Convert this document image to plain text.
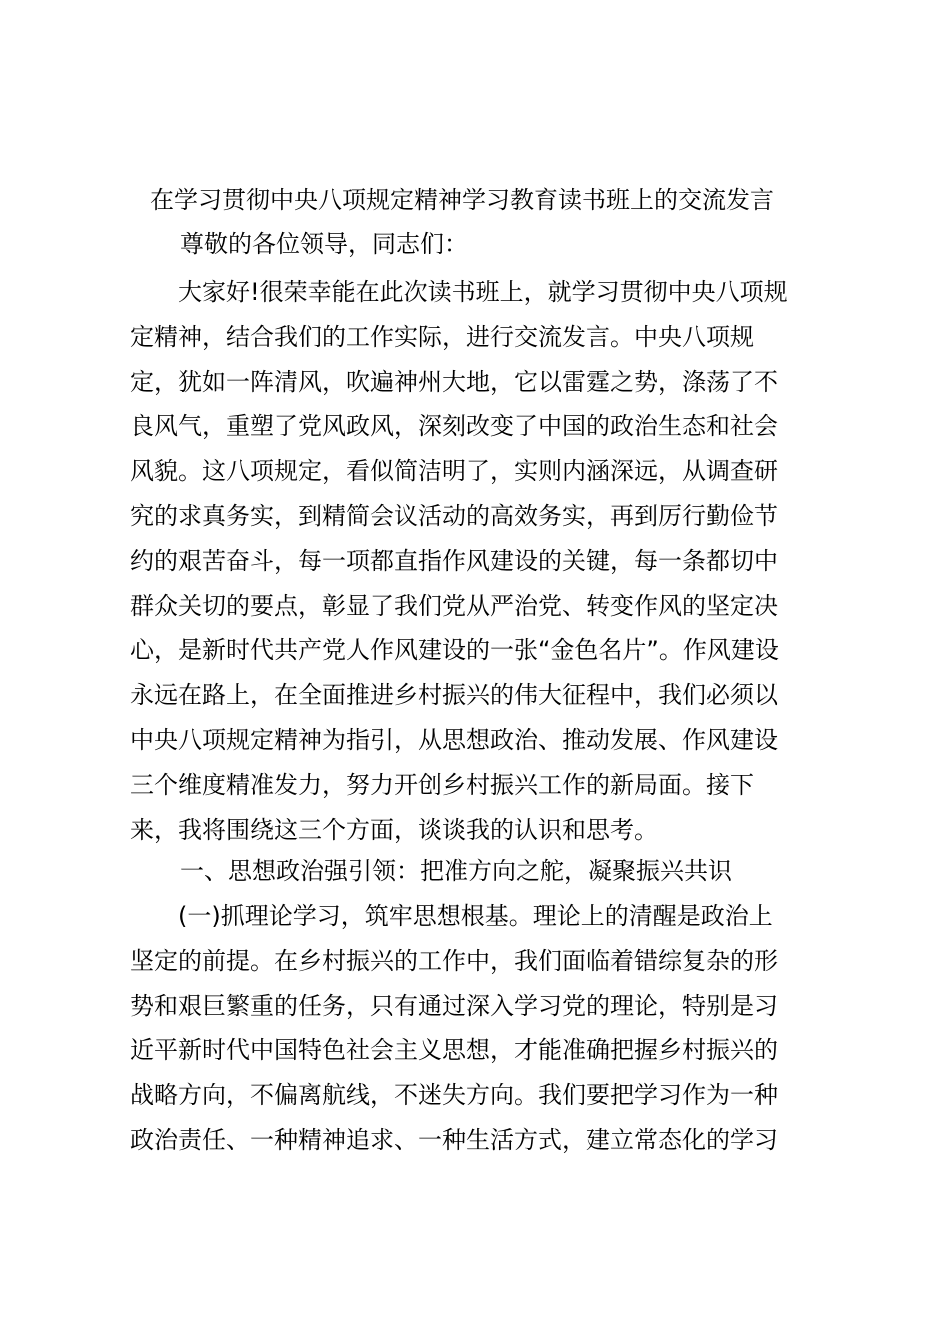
在学习贯彻中央八项规定精神学习教育读书班上的交流发言

尊敬的各位领导，同志们：

大家好!很荣幸能在此次读书班上，就学习贯彻中央八项规
定精神，结合我们的工作实际，进行交流发言。中央八项规
定，犹如一阵清风，吹遍神州大地，它以雷霆之势，涤荡了不
良风气，重塑了党风政风，深刻改变了中国的政治生态和社会
风貌。这八项规定，看似简洁明了，实则内涵深远，从调查研
究的求真务实，到精简会议活动的高效务实，再到厉行勤俭节
约的艰苦奋斗，每一项都直指作风建设的关键，每一条都切中
群众关切的要点，彰显了我们党从严治党、转变作风的坚定决
心，是新时代共产党人作风建设的一张“金色名片”。作风建设
永远在路上，在全面推进乡村振兴的伟大征程中，我们必须以
中央八项规定精神为指引，从思想政治、推动发展、作风建设
三个维度精准发力，努力开创乡村振兴工作的新局面。接下
来，我将围绕这三个方面，谈谈我的认识和思考。
一、思想政治强引领：把准方向之舵，凝聚振兴共识
(一)抓理论学习，筑牢思想根基。理论上的清醒是政治上
坚定的前提。在乡村振兴的工作中，我们面临着错综复杂的形
势和艰巨繁重的任务，只有通过深入学习党的理论，特别是习
近平新时代中国特色社会主义思想，才能准确把握乡村振兴的
战略方向，不偏离航线，不迷失方向。我们要把学习作为一种
政治责任、一种精神追求、一种生活方式，建立常态化的学习
